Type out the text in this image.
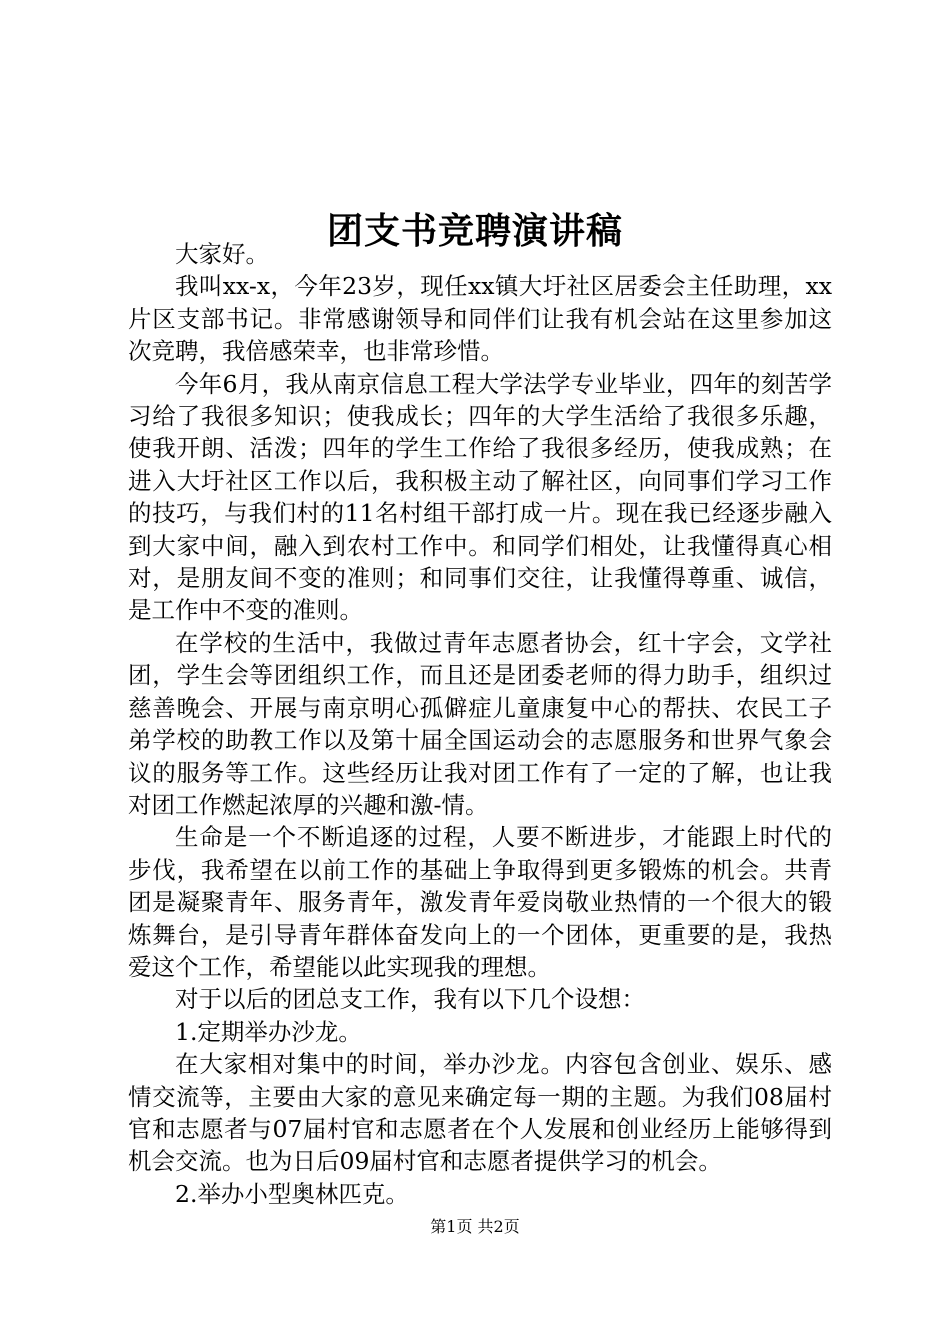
团支书竞聘演讲稿

大家好。

我叫xx-x，今年23岁，现任xx镇大圩社区居委会主任助理，xx片区支部书记。非常感谢领导和同伴们让我有机会站在这里参加这次竞聘，我倍感荣幸，也非常珍惜。

今年6月，我从南京信息工程大学法学专业毕业，四年的刻苦学习给了我很多知识；使我成长；四年的大学生活给了我很多乐趣，使我开朗、活泼；四年的学生工作给了我很多经历，使我成熟；在进入大圩社区工作以后，我积极主动了解社区，向同事们学习工作的技巧，与我们村的11名村组干部打成一片。现在我已经逐步融入到大家中间，融入到农村工作中。和同学们相处，让我懂得真心相对，是朋友间不变的准则；和同事们交往，让我懂得尊重、诚信，是工作中不变的准则。

在学校的生活中，我做过青年志愿者协会，红十字会，文学社团，学生会等团组织工作，而且还是团委老师的得力助手，组织过慈善晚会、开展与南京明心孤僻症儿童康复中心的帮扶、农民工子弟学校的助教工作以及第十届全国运动会的志愿服务和世界气象会议的服务等工作。这些经历让我对团工作有了一定的了解，也让我对团工作燃起浓厚的兴趣和激-情。

生命是一个不断追逐的过程，人要不断进步，才能跟上时代的步伐，我希望在以前工作的基础上争取得到更多锻炼的机会。共青团是凝聚青年、服务青年，激发青年爱岗敬业热情的一个很大的锻炼舞台，是引导青年群体奋发向上的一个团体，更重要的是，我热爱这个工作，希望能以此实现我的理想。

对于以后的团总支工作，我有以下几个设想：

1.定期举办沙龙。

在大家相对集中的时间，举办沙龙。内容包含创业、娱乐、感情交流等，主要由大家的意见来确定每一期的主题。为我们08届村官和志愿者与07届村官和志愿者在个人发展和创业经历上能够得到机会交流。也为日后09届村官和志愿者提供学习的机会。

2.举办小型奥林匹克。

第1页 共2页
